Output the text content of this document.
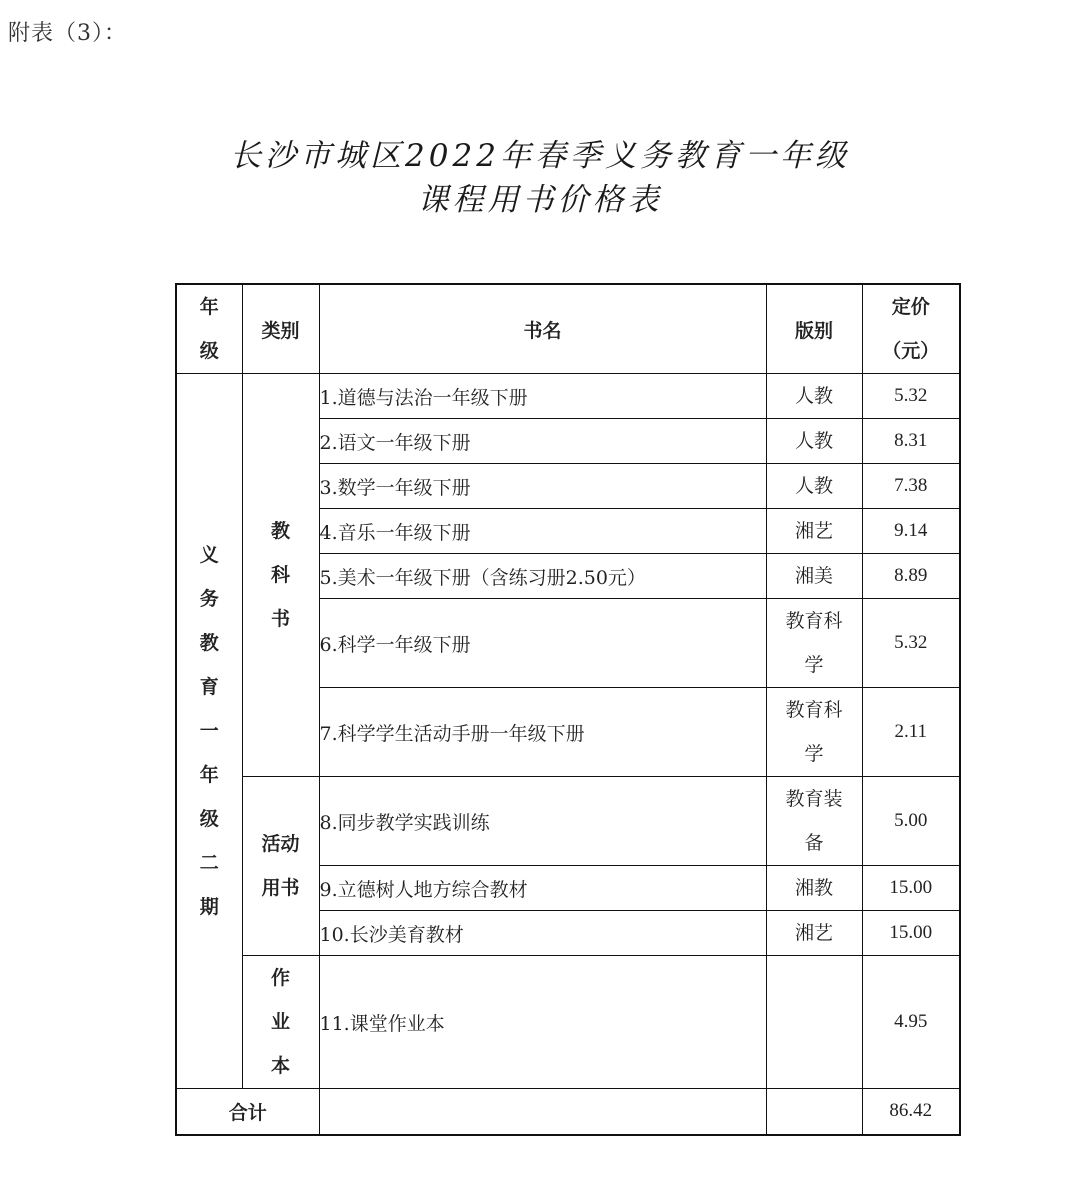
附表（3）：
长沙市城区2022年春季义务教育一年级
课程用书价格表
年级	类别	书名	版别	定价（元）

义务教育一年级二期	教科书	1.道德与法治一年级下册	人教	5.32
		2.语文一年级下册	人教	8.31
		3.数学一年级下册	人教	7.38
		4.音乐一年级下册	湘艺	9.14
		5.美术一年级下册（含练习册2.50元）	湘美	8.89
		6.科学一年级下册	教育科学	5.32
		7.科学学生活动手册一年级下册	教育科学	2.11

	活动用书	8.同步教学实践训练	教育装备	5.00
		9.立德树人地方综合教材	湘教	15.00
		10.长沙美育教材	湘艺	15.00

	作业本	11.课堂作业本		4.95
合计				86.42
